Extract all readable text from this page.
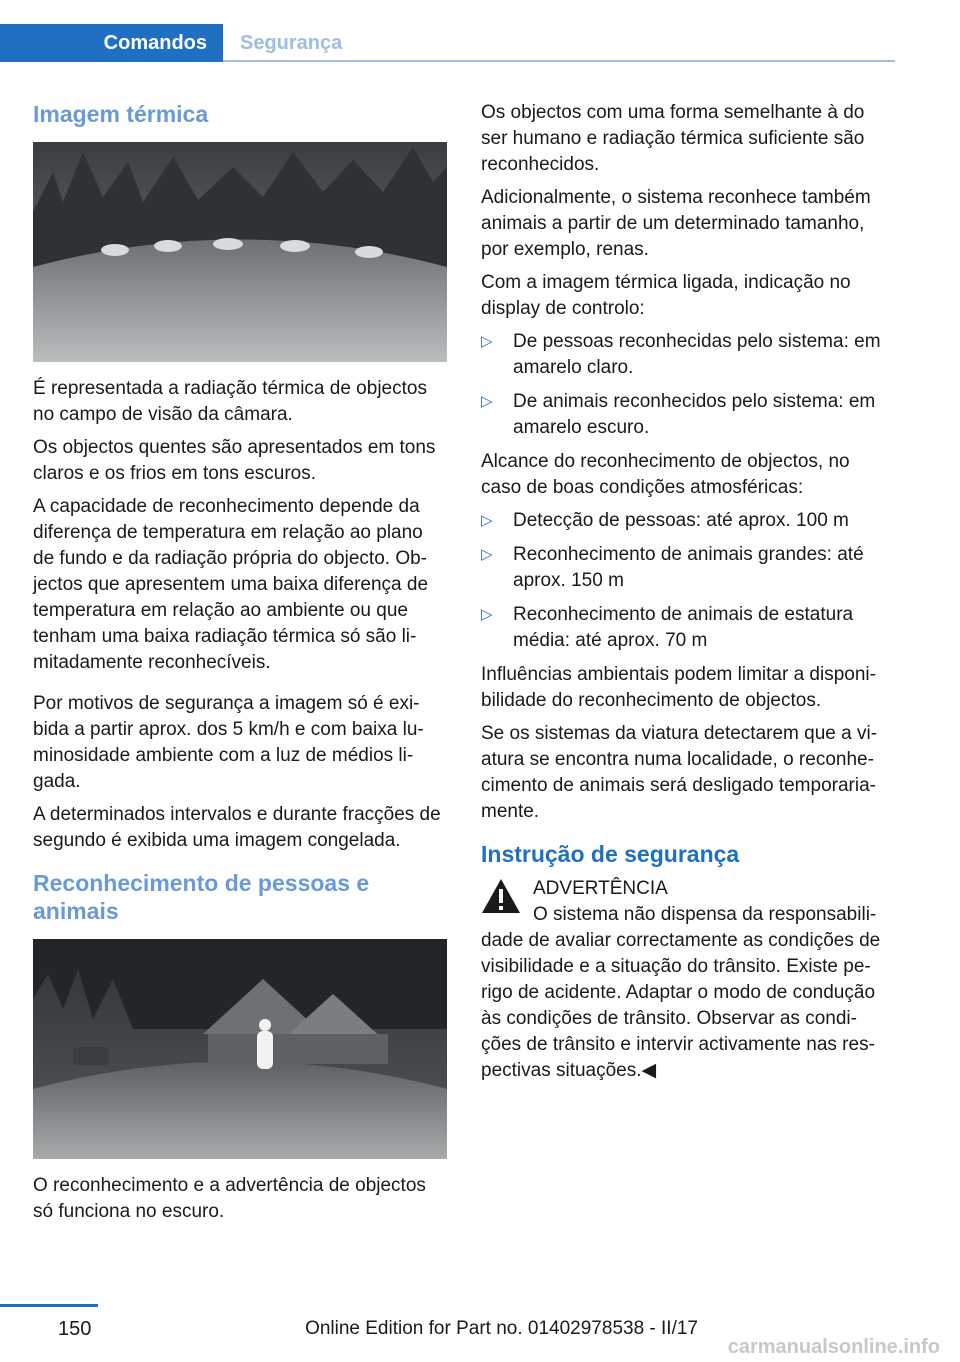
Comandos	Segurança
Imagem térmica

É representada a radiação térmica de objectos no campo de visão da câmara.

Os objectos quentes são apresentados em tons claros e os frios em tons escuros.

A capacidade de reconhecimento depende da diferença de temperatura em relação ao plano de fundo e da radiação própria do objecto. Ob‐jectos que apresentem uma baixa diferença de temperatura em relação ao ambiente ou que tenham uma baixa radiação térmica só são li‐mitadamente reconhecíveis.

Por motivos de segurança a imagem só é exi‐bida a partir aprox. dos 5 km/h e com baixa lu‐minosidade ambiente com a luz de médios li‐gada.

A determinados intervalos e durante fracções de segundo é exibida uma imagem congelada.

Reconhecimento de pessoas e animais

O reconhecimento e a advertência de objectos só funciona no escuro.

Os objectos com uma forma semelhante à do ser humano e radiação térmica suficiente são reconhecidos.

Adicionalmente, o sistema reconhece também animais a partir de um determinado tamanho, por exemplo, renas.

Com a imagem térmica ligada, indicação no display de controlo:

▷ De pessoas reconhecidas pelo sistema: em amarelo claro.
▷ De animais reconhecidos pelo sistema: em amarelo escuro.

Alcance do reconhecimento de objectos, no caso de boas condições atmosféricas:

▷ Detecção de pessoas: até aprox. 100 m
▷ Reconhecimento de animais grandes: até aprox. 150 m
▷ Reconhecimento de animais de estatura média: até aprox. 70 m

Influências ambientais podem limitar a disponi‐bilidade do reconhecimento de objectos.

Se os sistemas da viatura detectarem que a vi‐atura se encontra numa localidade, o reconhe‐cimento de animais será desligado temporaria‐mente.

Instrução de segurança
ADVERTÊNCIA
O sistema não dispensa da responsabili‐dade de avaliar correctamente as condições de visibilidade e a situação do trânsito. Existe pe‐rigo de acidente. Adaptar o modo de condução às condições de trânsito. Observar as condi‐ções de trânsito e intervir activamente nas res‐pectivas situações.◀
150	Online Edition for Part no. 01402978538 - II/17
carmanualsonline.info
